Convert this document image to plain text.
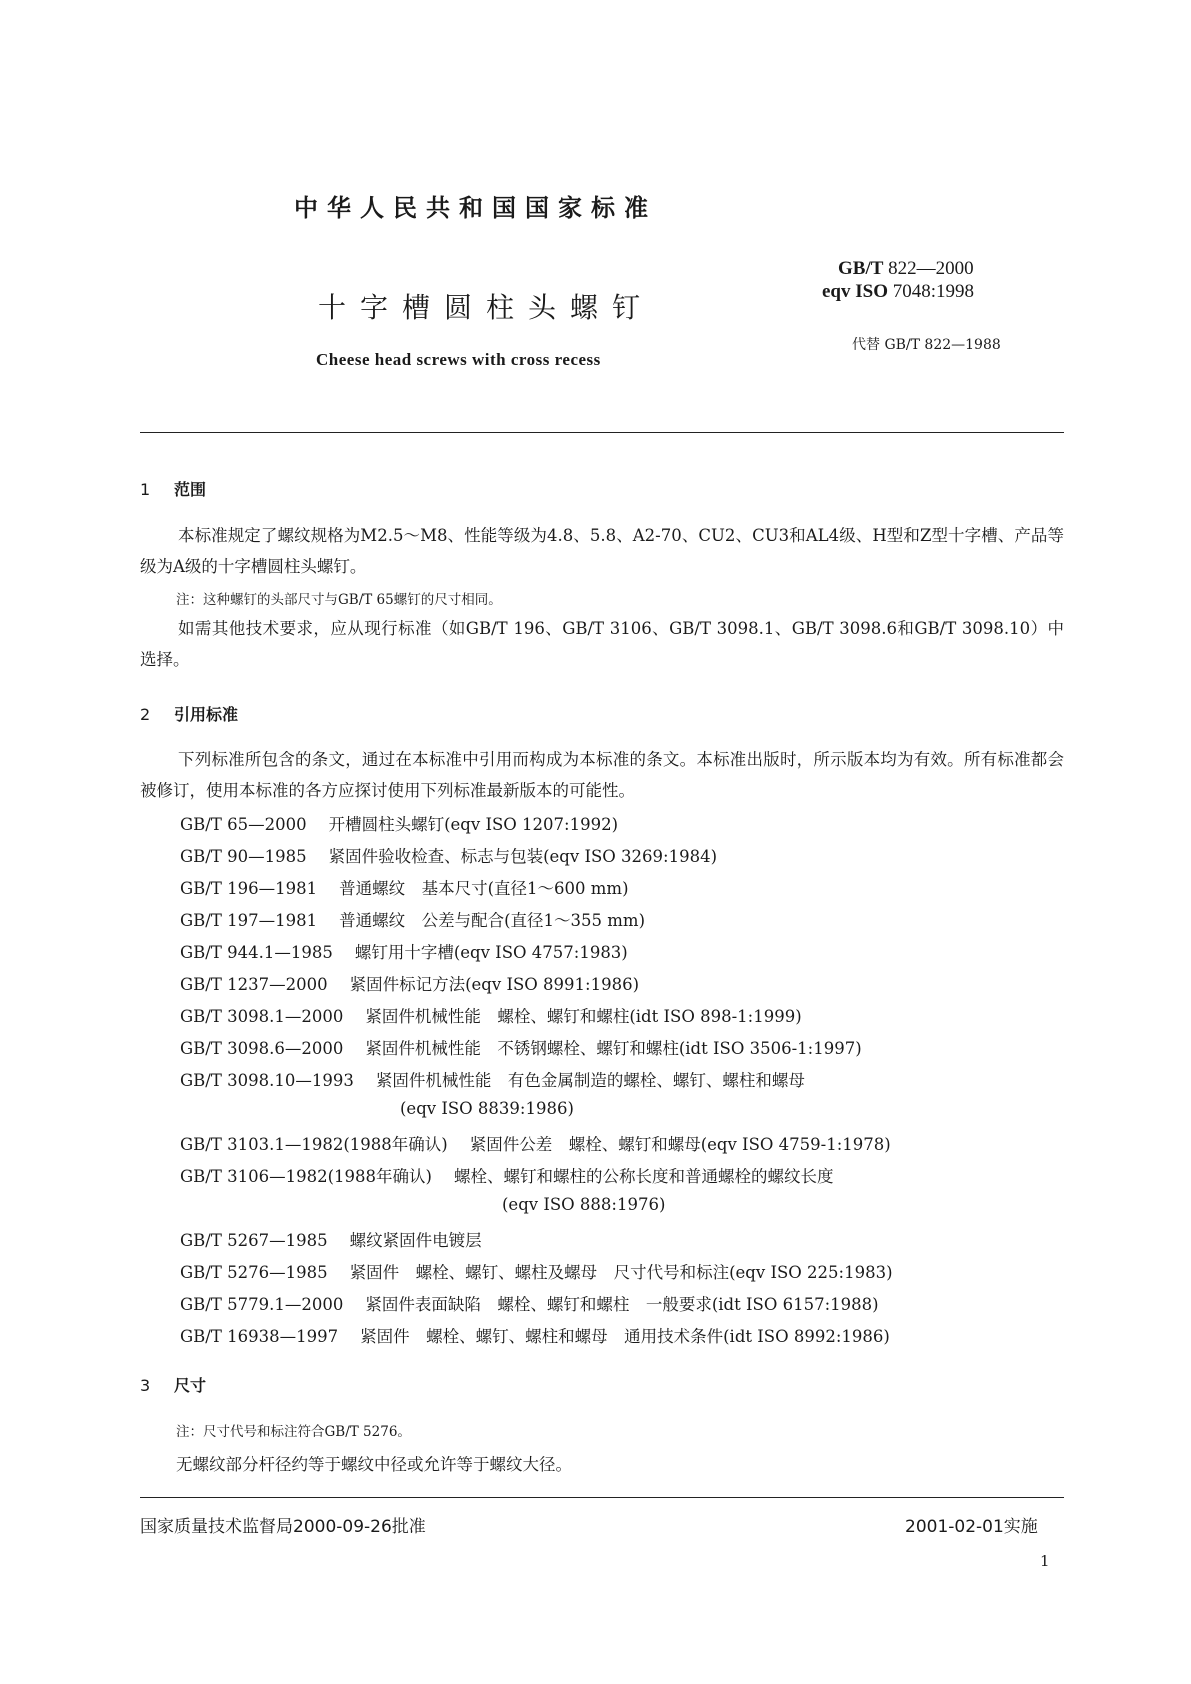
中华人民共和国国家标准
十字槽圆柱头螺钉
Cheese head screws with cross recess
GB/T 822—2000
eqv ISO 7048:1998
代替 GB/T 822—1988
1 范围
本标准规定了螺纹规格为M2.5～M8、性能等级为4.8、5.8、A2-70、CU2、CU3和AL4级、H型和Z型十字槽、产品等级为A级的十字槽圆柱头螺钉。
注：这种螺钉的头部尺寸与GB/T 65螺钉的尺寸相同。
如需其他技术要求，应从现行标准（如GB/T 196、GB/T 3106、GB/T 3098.1、GB/T 3098.6和GB/T 3098.10）中选择。
2 引用标准
下列标准所包含的条文，通过在本标准中引用而构成为本标准的条文。本标准出版时，所示版本均为有效。所有标准都会被修订，使用本标准的各方应探讨使用下列标准最新版本的可能性。
GB/T 65—2000 开槽圆柱头螺钉(eqv ISO 1207:1992)
GB/T 90—1985 紧固件验收检查、标志与包装(eqv ISO 3269:1984)
GB/T 196—1981 普通螺纹　基本尺寸(直径1～600 mm)
GB/T 197—1981 普通螺纹　公差与配合(直径1～355 mm)
GB/T 944.1—1985 螺钉用十字槽(eqv ISO 4757:1983)
GB/T 1237—2000 紧固件标记方法(eqv ISO 8991:1986)
GB/T 3098.1—2000 紧固件机械性能　螺栓、螺钉和螺柱(idt ISO 898-1:1999)
GB/T 3098.6—2000 紧固件机械性能　不锈钢螺栓、螺钉和螺柱(idt ISO 3506-1:1997)
GB/T 3098.10—1993 紧固件机械性能　有色金属制造的螺栓、螺钉、螺柱和螺母
(eqv ISO 8839:1986)
GB/T 3103.1—1982(1988年确认) 紧固件公差　螺栓、螺钉和螺母(eqv ISO 4759-1:1978)
GB/T 3106—1982(1988年确认) 螺栓、螺钉和螺柱的公称长度和普通螺栓的螺纹长度
(eqv ISO 888:1976)
GB/T 5267—1985 螺纹紧固件电镀层
GB/T 5276—1985 紧固件　螺栓、螺钉、螺柱及螺母　尺寸代号和标注(eqv ISO 225:1983)
GB/T 5779.1—2000 紧固件表面缺陷　螺栓、螺钉和螺柱　一般要求(idt ISO 6157:1988)
GB/T 16938—1997 紧固件　螺栓、螺钉、螺柱和螺母　通用技术条件(idt ISO 8992:1986)
3 尺寸
注：尺寸代号和标注符合GB/T 5276。
无螺纹部分杆径约等于螺纹中径或允许等于螺纹大径。
国家质量技术监督局2000-09-26批准	2001-02-01实施
1
